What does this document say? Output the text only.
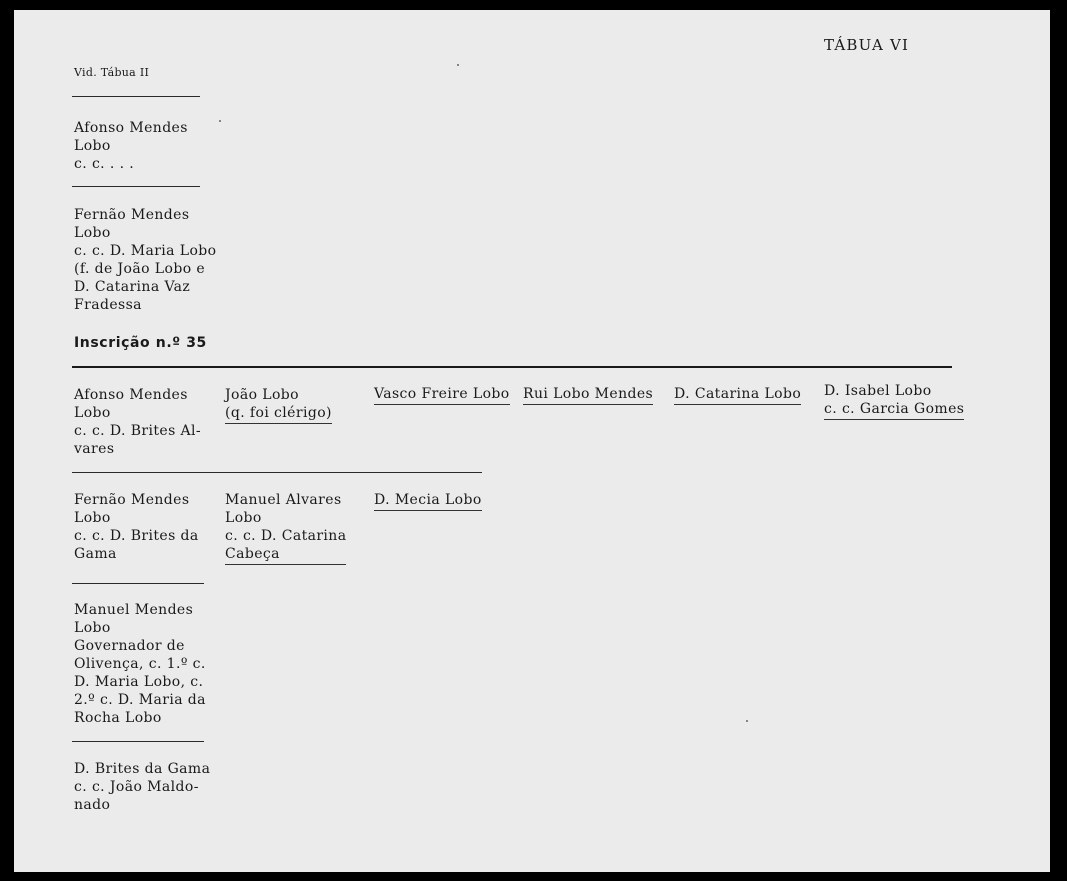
TÁBUA VI
Vid. Tábua II
Afonso Mendes
Lobo
c. c. . . .
Fernão Mendes
Lobo
c. c. D. Maria Lobo
(f. de João Lobo e
D. Catarina Vaz
Fradessa
Inscrição n.º 35
Afonso Mendes
Lobo
c. c. D. Brites Al-
vares
João Lobo
(q. foi clérigo)
Vasco Freire Lobo Rui Lobo Mendes D. Catarina Lobo D. Isabel Lobo
c. c. Garcia Gomes
Fernão Mendes
Lobo
c. c. D. Brites da
Gama
Manuel Alvares
Lobo
c. c. D. Catarina
Cabeça
D. Mecia Lobo
Manuel Mendes
Lobo
Governador de
Olivença, c. 1.º c.
D. Maria Lobo, c.
2.º c. D. Maria da
Rocha Lobo
D. Brites da Gama
c. c. João Maldo-
nado
